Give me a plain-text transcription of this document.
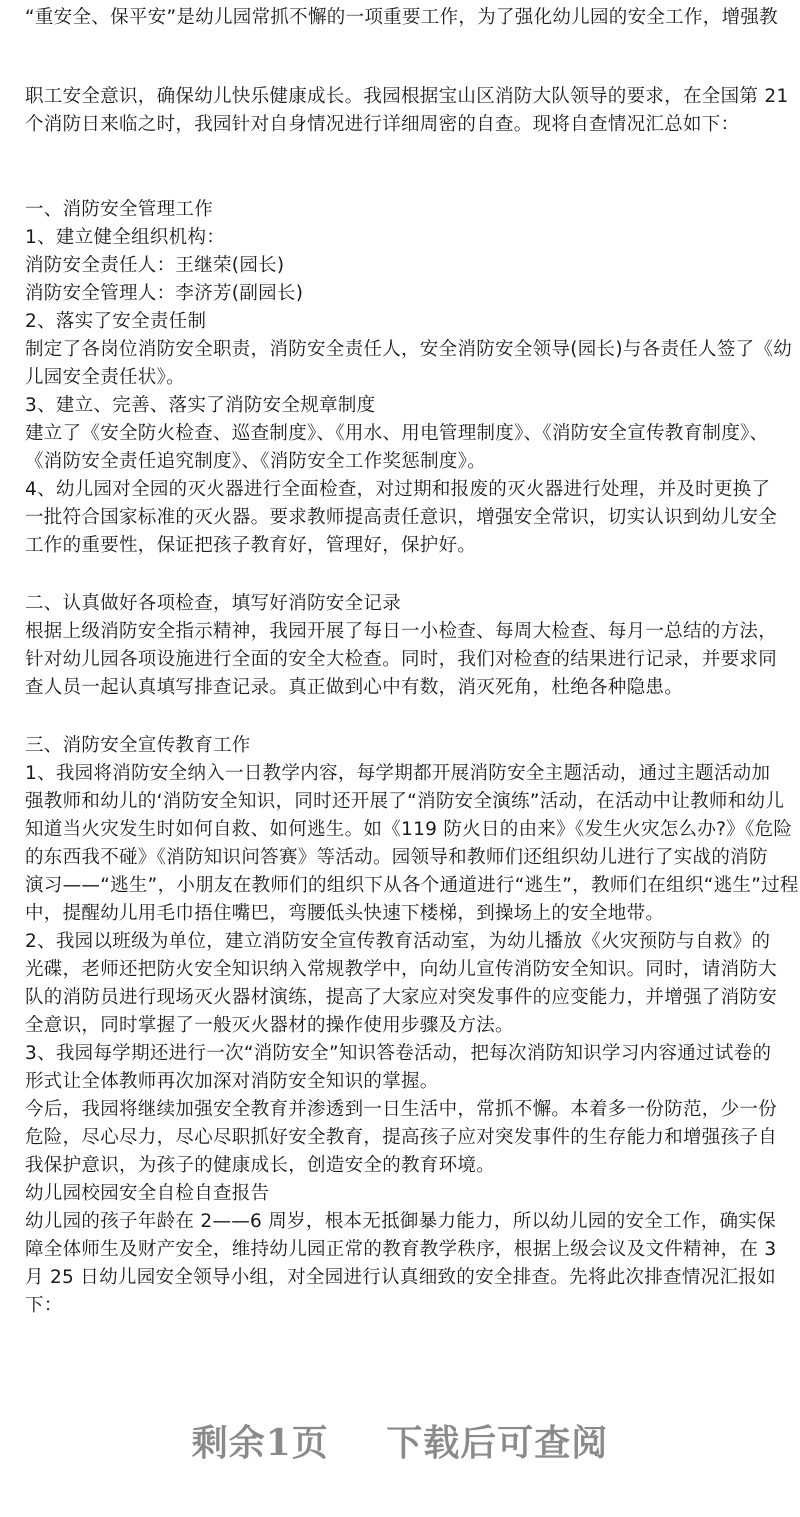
“重安全、保平安”是幼儿园常抓不懈的一项重要工作，为了强化幼儿园的安全工作，增强教
职工安全意识，确保幼儿快乐健康成长。我园根据宝山区消防大队领导的要求，在全国第 21
个消防日来临之时，我园针对自身情况进行详细周密的自查。现将自查情况汇总如下：
一、消防安全管理工作
1、建立健全组织机构：
消防安全责任人：王继荣(园长)
消防安全管理人：李济芳(副园长)
2、落实了安全责任制
制定了各岗位消防安全职责，消防安全责任人，安全消防安全领导(园长)与各责任人签了《幼
儿园安全责任状》。
3、建立、完善、落实了消防安全规章制度
建立了《安全防火检查、巡查制度》、《用水、用电管理制度》、《消防安全宣传教育制度》、
《消防安全责任追究制度》、《消防安全工作奖惩制度》。
4、幼儿园对全园的灭火器进行全面检查，对过期和报废的灭火器进行处理，并及时更换了
一批符合国家标准的灭火器。要求教师提高责任意识，增强安全常识，切实认识到幼儿安全
工作的重要性，保证把孩子教育好，管理好，保护好。
二、认真做好各项检查，填写好消防安全记录
根据上级消防安全指示精神，我园开展了每日一小检查、每周大检查、每月一总结的方法，
针对幼儿园各项设施进行全面的安全大检查。同时，我们对检查的结果进行记录，并要求同
查人员一起认真填写排查记录。真正做到心中有数，消灭死角，杜绝各种隐患。
三、消防安全宣传教育工作
1、我园将消防安全纳入一日教学内容，每学期都开展消防安全主题活动，通过主题活动加
强教师和幼儿的‘消防安全知识，同时还开展了“消防安全演练”活动，在活动中让教师和幼儿
知道当火灾发生时如何自救、如何逃生。如《119 防火日的由来》《发生火灾怎么办?》《危险
的东西我不碰》《消防知识问答赛》等活动。园领导和教师们还组织幼儿进行了实战的消防
演习——“逃生”，小朋友在教师们的组织下从各个通道进行“逃生”，教师们在组织“逃生”过程
中，提醒幼儿用毛巾捂住嘴巴，弯腰低头快速下楼梯，到操场上的安全地带。
2、我园以班级为单位，建立消防安全宣传教育活动室，为幼儿播放《火灾预防与自救》的
光碟，老师还把防火安全知识纳入常规教学中，向幼儿宣传消防安全知识。同时，请消防大
队的消防员进行现场灭火器材演练，提高了大家应对突发事件的应变能力，并增强了消防安
全意识，同时掌握了一般灭火器材的操作使用步骤及方法。
3、我园每学期还进行一次“消防安全”知识答卷活动，把每次消防知识学习内容通过试卷的
形式让全体教师再次加深对消防安全知识的掌握。
今后，我园将继续加强安全教育并渗透到一日生活中，常抓不懈。本着多一份防范，少一份
危险，尽心尽力，尽心尽职抓好安全教育，提高孩子应对突发事件的生存能力和增强孩子自
我保护意识，为孩子的健康成长，创造安全的教育环境。
幼儿园校园安全自检自查报告
幼儿园的孩子年龄在 2——6 周岁，根本无抵御暴力能力，所以幼儿园的安全工作，确实保
障全体师生及财产安全，维持幼儿园正常的教育教学秩序，根据上级会议及文件精神，在 3
月 25 日幼儿园安全领导小组，对全园进行认真细致的安全排查。先将此次排查情况汇报如
下：
剩余1页 下载后可查阅
